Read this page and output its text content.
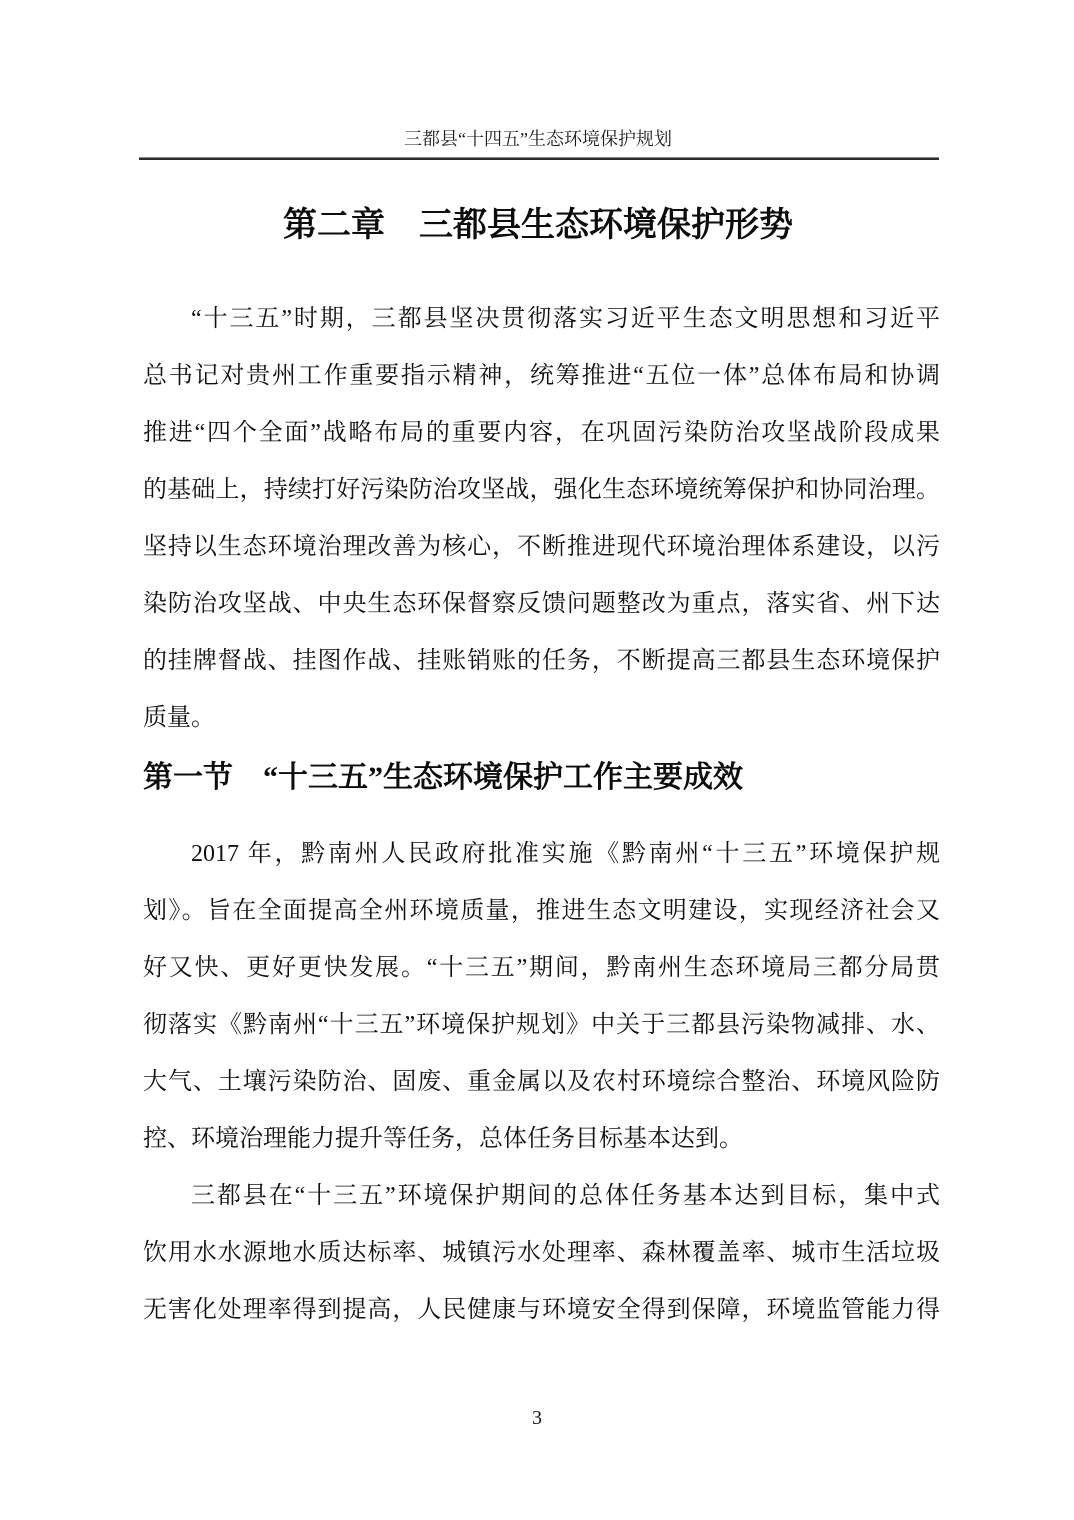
三都县“十四五”生态环境保护规划
第二章　三都县生态环境保护形势
“十三五”时期，三都县坚决贯彻落实习近平生态文明思想和习近平
总书记对贵州工作重要指示精神，统筹推进“五位一体”总体布局和协调
推进“四个全面”战略布局的重要内容，在巩固污染防治攻坚战阶段成果
的基础上，持续打好污染防治攻坚战，强化生态环境统筹保护和协同治理。
坚持以生态环境治理改善为核心，不断推进现代环境治理体系建设，以污
染防治攻坚战、中央生态环保督察反馈问题整改为重点，落实省、州下达
的挂牌督战、挂图作战、挂账销账的任务，不断提高三都县生态环境保护
质量。
第一节　“十三五”生态环境保护工作主要成效
2017 年，黔南州人民政府批准实施《黔南州“十三五”环境保护规
划》。旨在全面提高全州环境质量，推进生态文明建设，实现经济社会又
好又快、更好更快发展。“十三五”期间，黔南州生态环境局三都分局贯
彻落实《黔南州“十三五”环境保护规划》中关于三都县污染物减排、水、
大气、土壤污染防治、固废、重金属以及农村环境综合整治、环境风险防
控、环境治理能力提升等任务，总体任务目标基本达到。
三都县在“十三五”环境保护期间的总体任务基本达到目标，集中式
饮用水水源地水质达标率、城镇污水处理率、森林覆盖率、城市生活垃圾
无害化处理率得到提高，人民健康与环境安全得到保障，环境监管能力得
3
